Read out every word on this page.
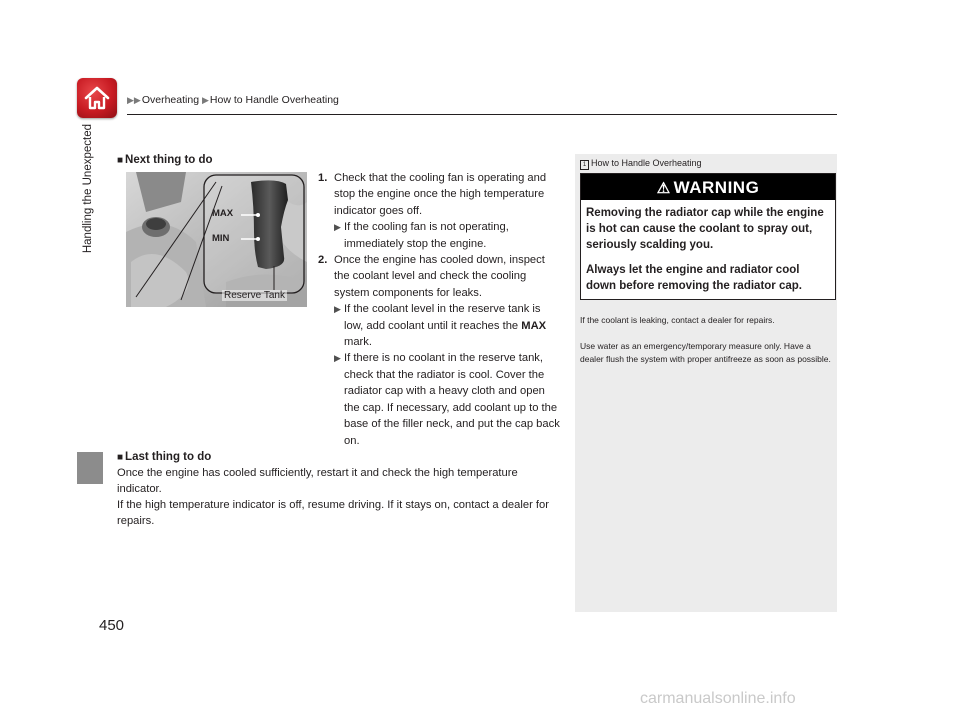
▶▶Overheating ▶How to Handle Overheating
Handling the Unexpected
450
■ Next thing to do
MAX
MIN
Reserve Tank
1. Check that the cooling fan is operating and stop the engine once the high temperature indicator goes off.
▶ If the cooling fan is not operating, immediately stop the engine.
2. Once the engine has cooled down, inspect the coolant level and check the cooling system components for leaks.
▶ If the coolant level in the reserve tank is low, add coolant until it reaches the MAX mark.
▶ If there is no coolant in the reserve tank, check that the radiator is cool. Cover the radiator cap with a heavy cloth and open the cap. If necessary, add coolant up to the base of the filler neck, and put the cap back on.
■ Last thing to do
Once the engine has cooled sufficiently, restart it and check the high temperature indicator.
If the high temperature indicator is off, resume driving. If it stays on, contact a dealer for repairs.
1 How to Handle Overheating
⚠ WARNING
Removing the radiator cap while the engine is hot can cause the coolant to spray out, seriously scalding you.
Always let the engine and radiator cool down before removing the radiator cap.
If the coolant is leaking, contact a dealer for repairs.
Use water as an emergency/temporary measure only. Have a dealer flush the system with proper antifreeze as soon as possible.
carmanualsonline.info
